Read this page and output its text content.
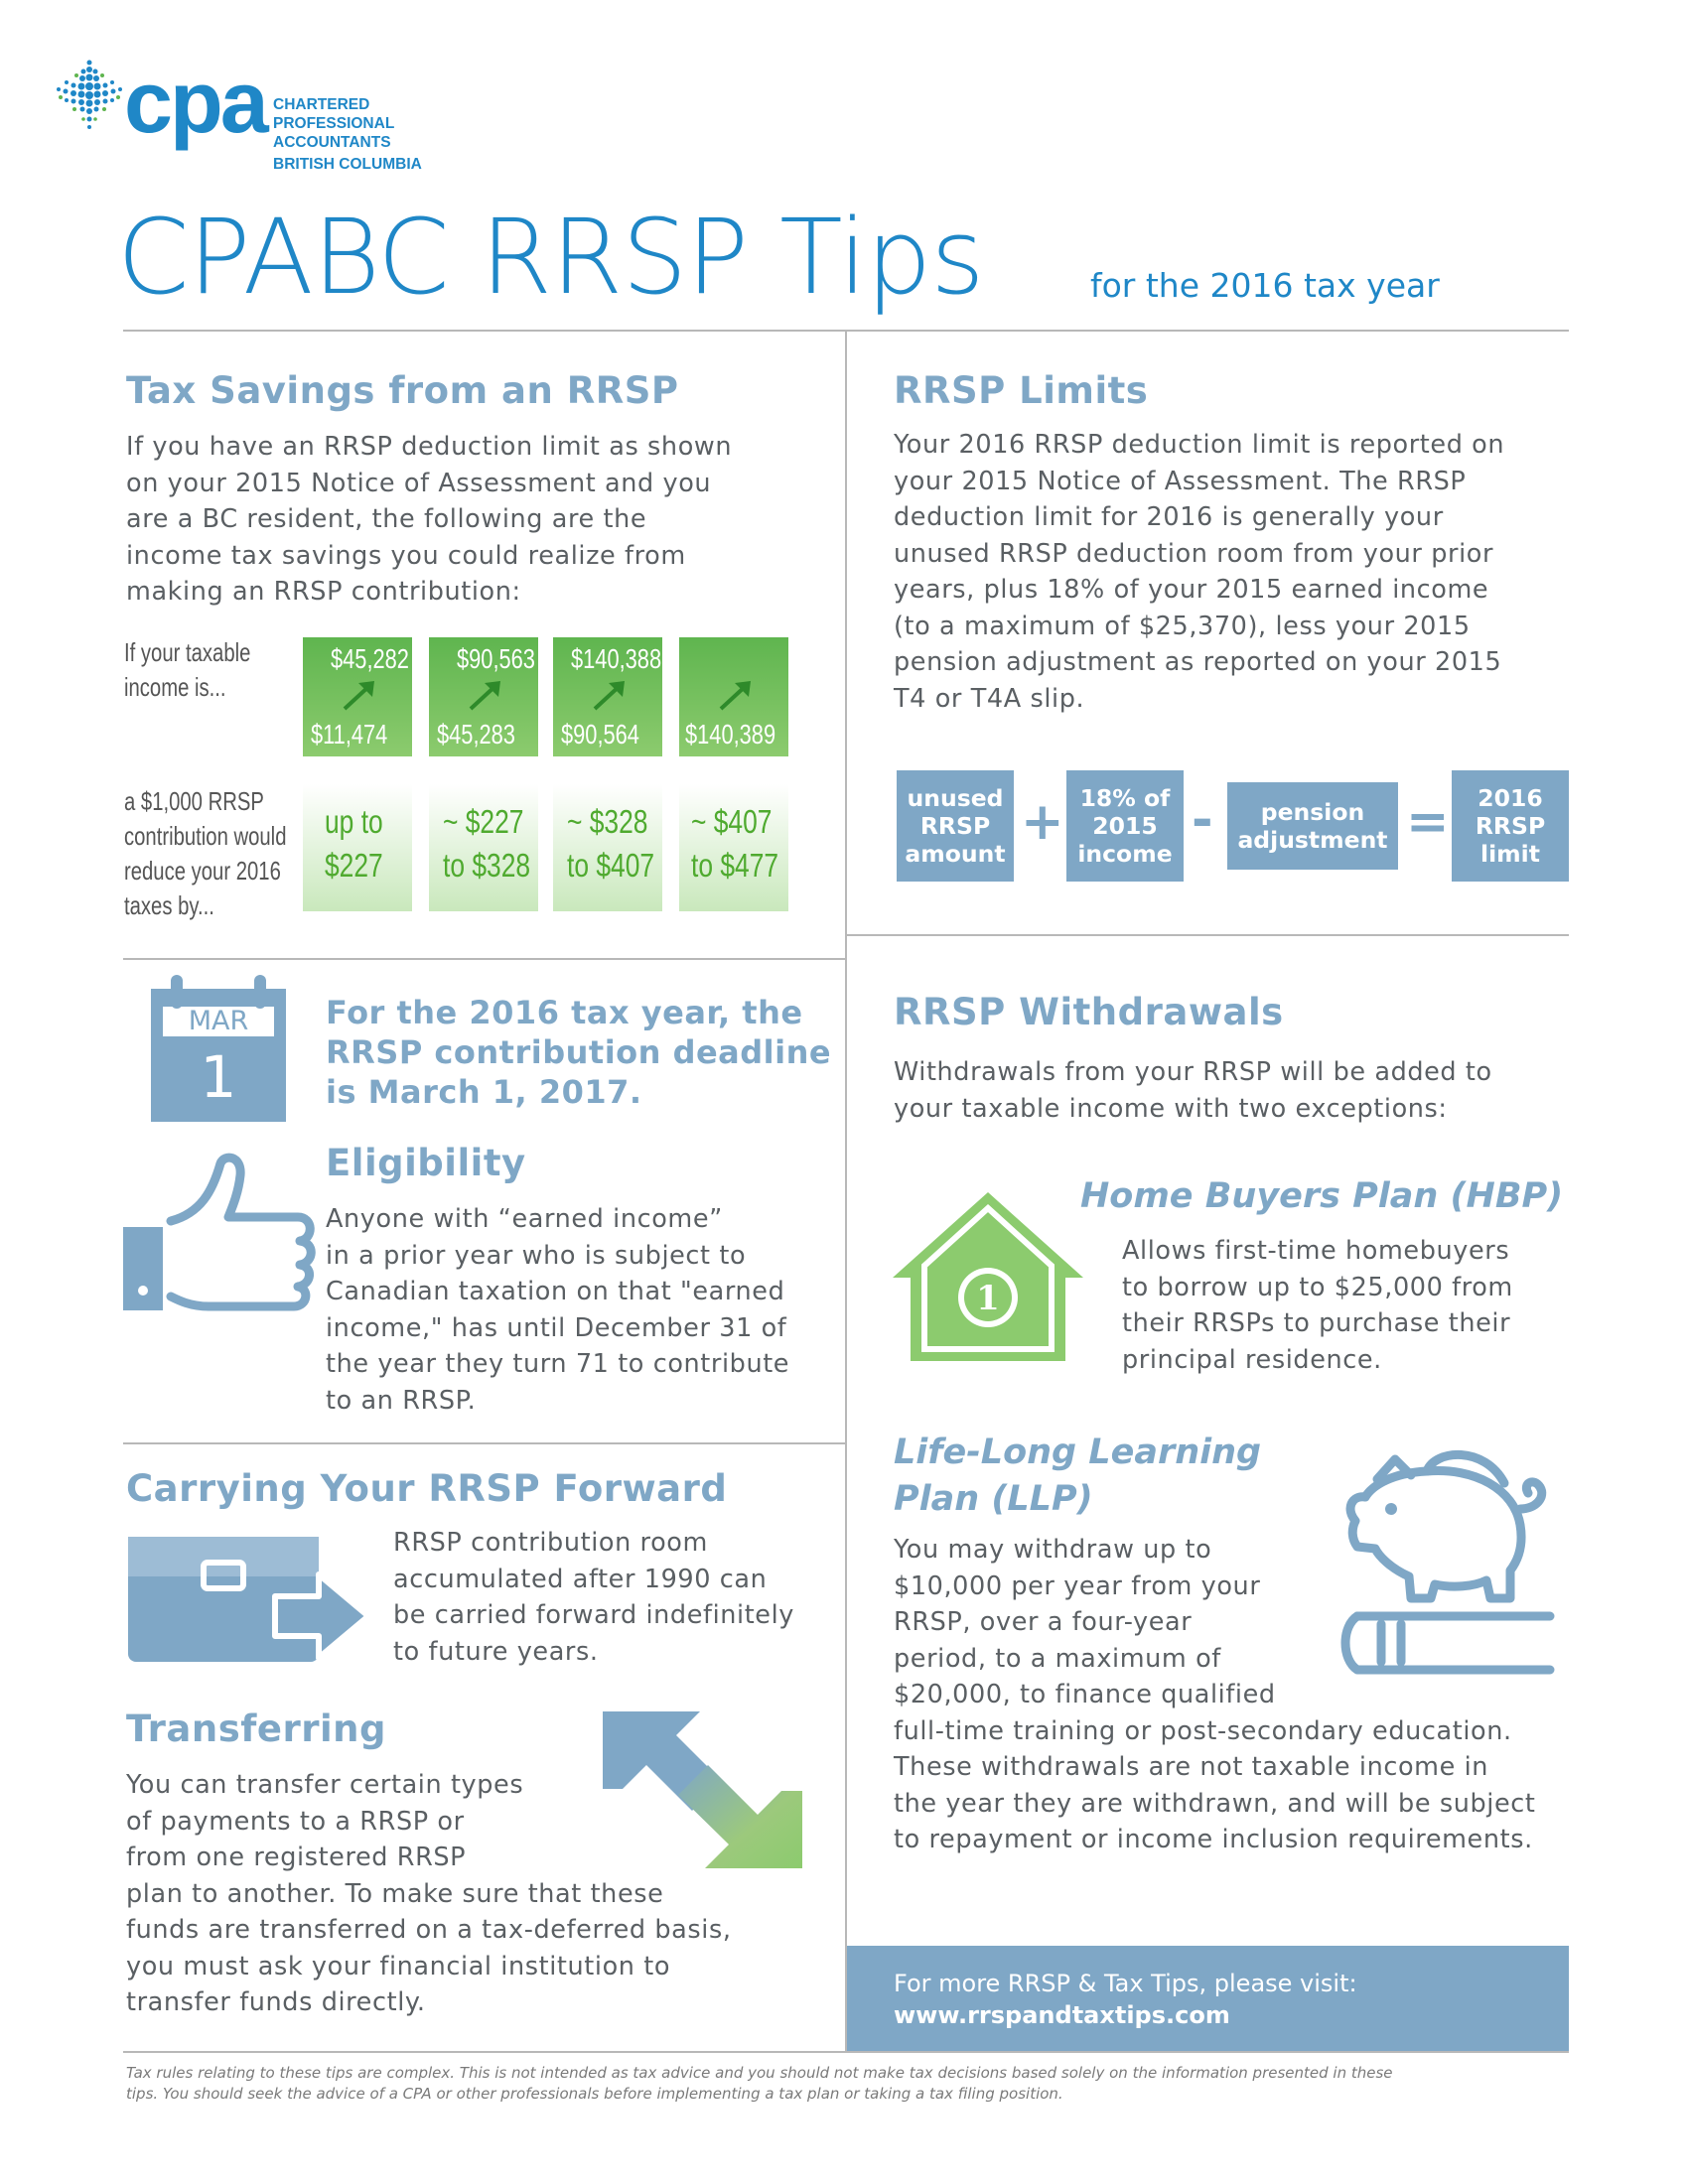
cpa CHARTERED
PROFESSIONAL
ACCOUNTANTS
BRITISH COLUMBIA
CPABC RRSP Tips	for the 2016 tax year
Tax Savings from an RRSP
If you have an RRSP deduction limit as shown
on your 2015 Notice of Assessment and you
are a BC resident, the following are the
income tax savings you could realize from
making an RRSP contribution:
If your taxable
income is...
a $1,000 RRSP
contribution would
reduce your 2016
taxes by...
$45,282
$11,474
$90,563
$45,283
$140,388
$90,564 $140,389
up to
$227
~ $227
to $328
~ $328
to $407
~ $407
to $477
RRSP Limits
Your 2016 RRSP deduction limit is reported on
your 2015 Notice of Assessment. The RRSP
deduction limit for 2016 is generally your
unused RRSP deduction room from your prior
years, plus 18% of your 2015 earned income
(to a maximum of $25,370), less your 2015
pension adjustment as reported on your 2015
T4 or T4A slip.
unused
RRSP
amount
+ 18% of
2015
income
-	pension
adjustment = 2016
RRSP
limit
MAR
1
For the 2016 tax year, the
RRSP contribution deadline
is March 1, 2017.
Eligibility
Anyone with “earned income”
in a prior year who is subject to
Canadian taxation on that "earned
income," has until December 31 of
the year they turn 71 to contribute
to an RRSP.
RRSP Withdrawals
Withdrawals from your RRSP will be added to
your taxable income with two exceptions:
1
Home Buyers Plan (HBP)
Allows first-time homebuyers
to borrow up to $25,000 from
their RRSPs to purchase their
principal residence.
Life-Long Learning
Plan (LLP)
You may withdraw up to
$10,000 per year from your
RRSP, over a four-year
period, to a maximum of
$20,000, to finance qualified
full-time training or post-secondary education.
These withdrawals are not taxable income in
the year they are withdrawn, and will be subject
to repayment or income inclusion requirements.
Carrying Your RRSP Forward
RRSP contribution room
accumulated after 1990 can
be carried forward indefinitely
to future years.
Transferring
You can transfer certain types
of payments to a RRSP or
from one registered RRSP
plan to another. To make sure that these
funds are transferred on a tax-deferred basis,
you must ask your financial institution to
transfer funds directly.
For more RRSP & Tax Tips, please visit:
www.rrspandtaxtips.com
Tax rules relating to these tips are complex. This is not intended as tax advice and you should not make tax decisions based solely on the information presented in these
tips. You should seek the advice of a CPA or other professionals before implementing a tax plan or taking a tax filing position.
